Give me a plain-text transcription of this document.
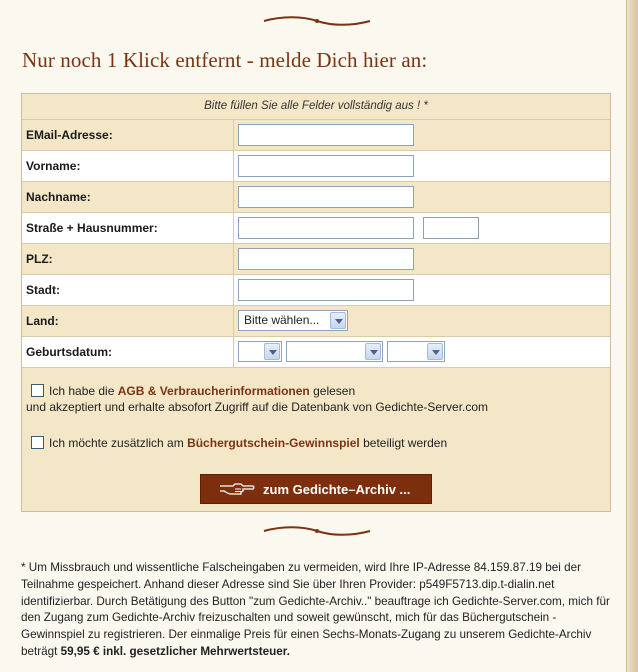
Nur noch 1 Klick entfernt - melde Dich hier an:
Bitte füllen Sie alle Felder vollständig aus ! *
EMail-Adresse:
Vorname:
Nachname:
Straße + Hausnummer:
PLZ:
Stadt:
Land:	Bitte wählen...
Geburtsdatum:
Ich habe die AGB & Verbraucherinformationen gelesen
und akzeptiert und erhalte absofort Zugriff auf die Datenbank von Gedichte-Server.com
Ich möchte zusätzlich am Büchergutschein-Gewinnspiel beteiligt werden
zum Gedichte–Archiv ...
* Um Missbrauch und wissentliche Falscheingaben zu vermeiden, wird Ihre IP-Adresse 84.159.87.19 bei der Teilnahme gespeichert. Anhand dieser Adresse sind Sie über Ihren Provider: p549F5713.dip.t-dialin.net identifizierbar. Durch Betätigung des Button "zum Gedichte-Archiv.." beauftrage ich Gedichte-Server.com, mich für den Zugang zum Gedichte-Archiv freizuschalten und soweit gewünscht, mich für das Büchergutschein - Gewinnspiel zu registrieren. Der einmalige Preis für einen Sechs-Monats-Zugang zu unserem Gedichte-Archiv beträgt 59,95 € inkl. gesetzlicher Mehrwertsteuer.
